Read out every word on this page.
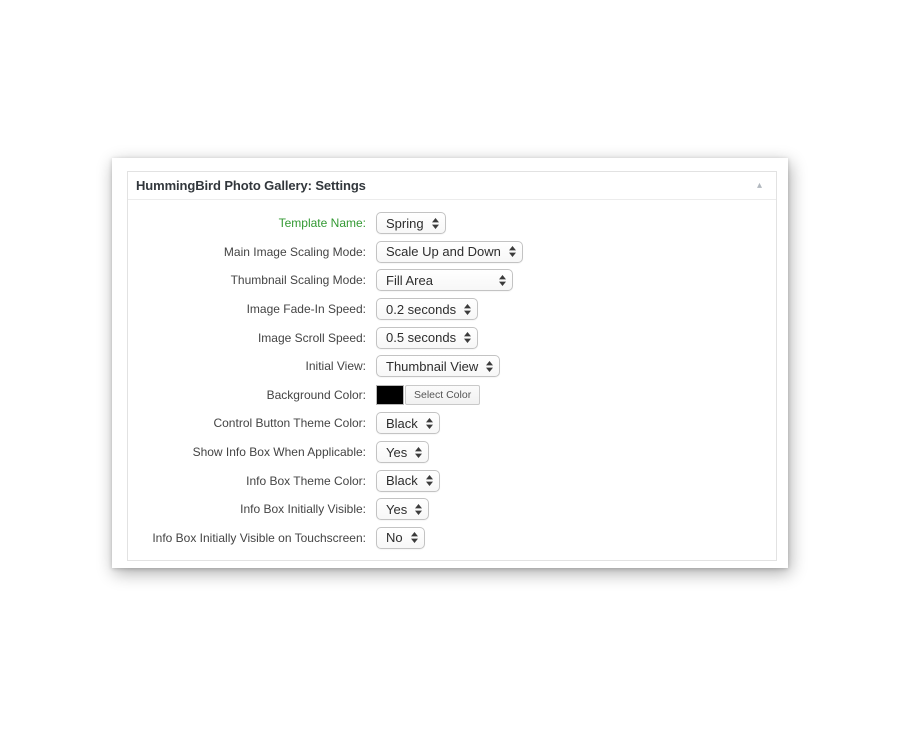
HummingBird Photo Gallery: Settings	▴
Template Name: Spring
Main Image Scaling Mode: Scale Up and Down
Thumbnail Scaling Mode: Fill Area
Image Fade-In Speed: 0.2 seconds
Image Scroll Speed: 0.5 seconds
Initial View: Thumbnail View
Background Color:	Select Color
Control Button Theme Color: Black
Show Info Box When Applicable: Yes
Info Box Theme Color: Black
Info Box Initially Visible: Yes
Info Box Initially Visible on Touchscreen: No
